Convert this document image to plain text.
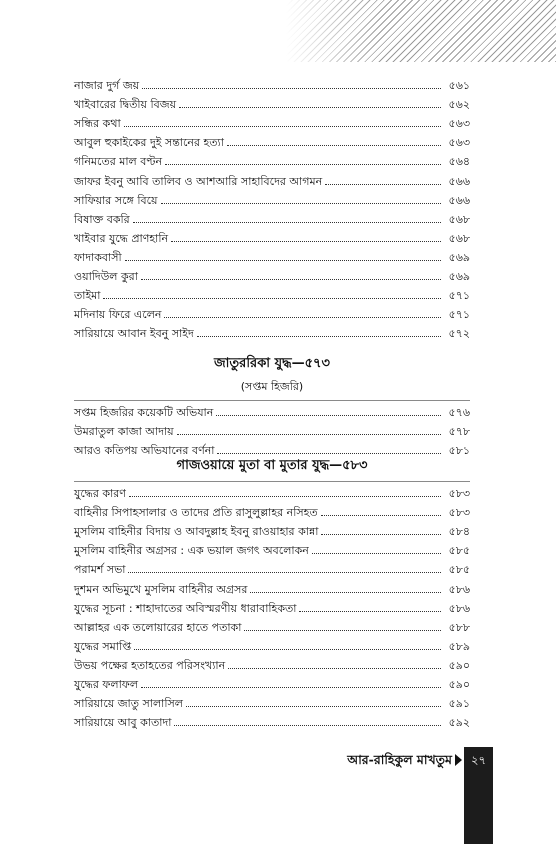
নাজার দুর্গ জয়	৫৬১
খাইবারের দ্বিতীয় বিজয়	৫৬২
সন্ধির কথা	৫৬৩
আবুল হুকাইকের দুই সন্তানের হত্যা	৫৬৩
গনিমতের মাল বণ্টন	৫৬৪
জাফর ইবনু আবি তালিব ও আশআরি সাহাবিদের আগমন	৫৬৬
সাফিয়ার সঙ্গে বিয়ে	৫৬৬
বিষাক্ত বকরি	৫৬৮
খাইবার যুদ্ধে প্রাণহানি	৫৬৮
ফাদাকবাসী	৫৬৯
ওয়াদিউল কুরা	৫৬৯
তাইমা	৫৭১
মদিনায় ফিরে এলেন	৫৭১
সারিয়ায়ে আবান ইবনু সাইদ	৫৭২
জাতুররিকা যুদ্ধ—৫৭৩
(সপ্তম হিজরি)
সপ্তম হিজরির কয়েকটি অভিযান	৫৭৬
উমরাতুল কাজা আদায়	৫৭৮
আরও কতিপয় অভিযানের বর্ণনা	৫৮১
গাজওয়ায়ে মুতা বা মুতার যুদ্ধ—৫৮৩
যুদ্ধের কারণ	৫৮৩
বাহিনীর সিপাহসালার ও তাদের প্রতি রাসুলুল্লাহর নসিহত	৫৮৩
মুসলিম বাহিনীর বিদায় ও আবদুল্লাহ ইবনু রাওয়াহার কান্না	৫৮৪
মুসলিম বাহিনীর অগ্রসর : এক ভয়াল জগৎ অবলোকন	৫৮৫
পরামর্শ সভা	৫৮৫
দুশমন অভিমুখে মুসলিম বাহিনীর অগ্রসর	৫৮৬
যুদ্ধের সূচনা : শাহাদাতের অবিস্মরণীয় ধারাবাহিকতা	৫৮৬
আল্লাহর এক তলোয়ারের হাতে পতাকা	৫৮৮
যুদ্ধের সমাপ্তি	৫৮৯
উভয় পক্ষের হতাহতের পরিসংখ্যান	৫৯০
যুদ্ধের ফলাফল	৫৯০
সারিয়ায়ে জাতু সালাসিল	৫৯১
সারিয়ায়ে আবু কাতাদা	৫৯২
আর-রাহিকুল মাখতুম	২৭
